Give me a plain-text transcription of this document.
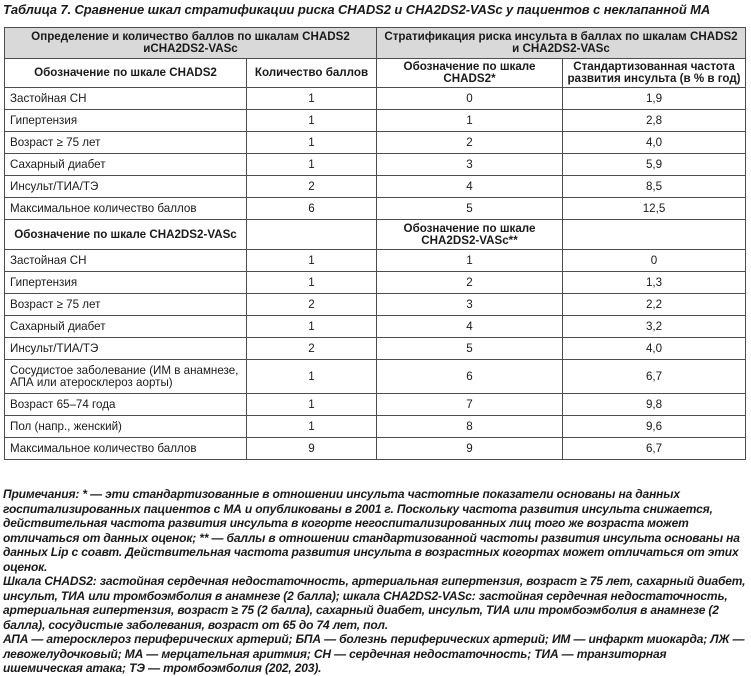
Таблица 7. Сравнение шкал стратификации риска CHADS2 и CHA2DS2-VASc у пациентов с неклапанной МА
Определение и количество баллов по шкалам CHADS2 иCHA2DS2-VASc		Стратификация риска инсульта в баллах по шкалам CHADS2 и CHA2DS2-VASc	
Обозначение по шкале CHADS2	Количество баллов	Обозначение по шкале CHADS2*	Стандартизованная частота развития инсульта (в % в год)
Застойная СН	1	0	1,9
Гипертензия	1	1	2,8
Возраст ≥ 75 лет	1	2	4,0
Сахарный диабет	1	3	5,9
Инсульт/ТИА/ТЭ	2	4	8,5
Максимальное количество баллов	6	5	12,5
Обозначение по шкале CHA2DS2-VASc		Обозначение по шкале CHA2DS2-VASc**	
Застойная СН	1	1	0
Гипертензия	1	2	1,3
Возраст ≥ 75 лет	2	3	2,2
Сахарный диабет	1	4	3,2
Инсульт/ТИА/ТЭ	2	5	4,0
Сосудистое заболевание (ИМ в анамнезе, АПА или атеросклероз аорты)	1	6	6,7
Возраст 65–74 года	1	7	9,8
Пол (напр., женский)	1	8	9,6
Максимальное количество баллов	9	9	6,7

Примечания: * — эти стандартизованные в отношении инсульта частотные показатели основаны на данных госпитализированных пациентов с МА и опубликованы в 2001 г. Поскольку частота развития инсульта снижается, действительная частота развития инсульта в когорте негоспитализированных лиц того же возраста может отличаться от данных оценок; ** — баллы в отношении стандартизованной частоты развития инсульта основаны на данных Lip с соавт. Действительная частота развития инсульта в возрастных когортах может отличаться от этих оценок.

Шкала CHADS2: застойная сердечная недостаточность, артериальная гипертензия, возраст ≥ 75 лет, сахарный диабет, инсульт, ТИА или тромбоэмболия в анамнезе (2 балла); шкала CHA2DS2-VASc: застойная сердечная недостаточность, артериальная гипертензия, возраст ≥ 75 (2 балла), сахарный диабет, инсульт, ТИА или тромбоэмболия в анамнезе (2 балла), сосудистые заболевания, возраст от 65 до 74 лет, пол.

АПА — атеросклероз периферических артерий; БПА — болезнь периферических артерий; ИМ — инфаркт миокарда; ЛЖ — левожелудочковый; МА — мерцательная аритмия; СН — сердечная недостаточность; ТИА — транзиторная ишемическая атака; ТЭ — тромбоэмболия (202, 203).
